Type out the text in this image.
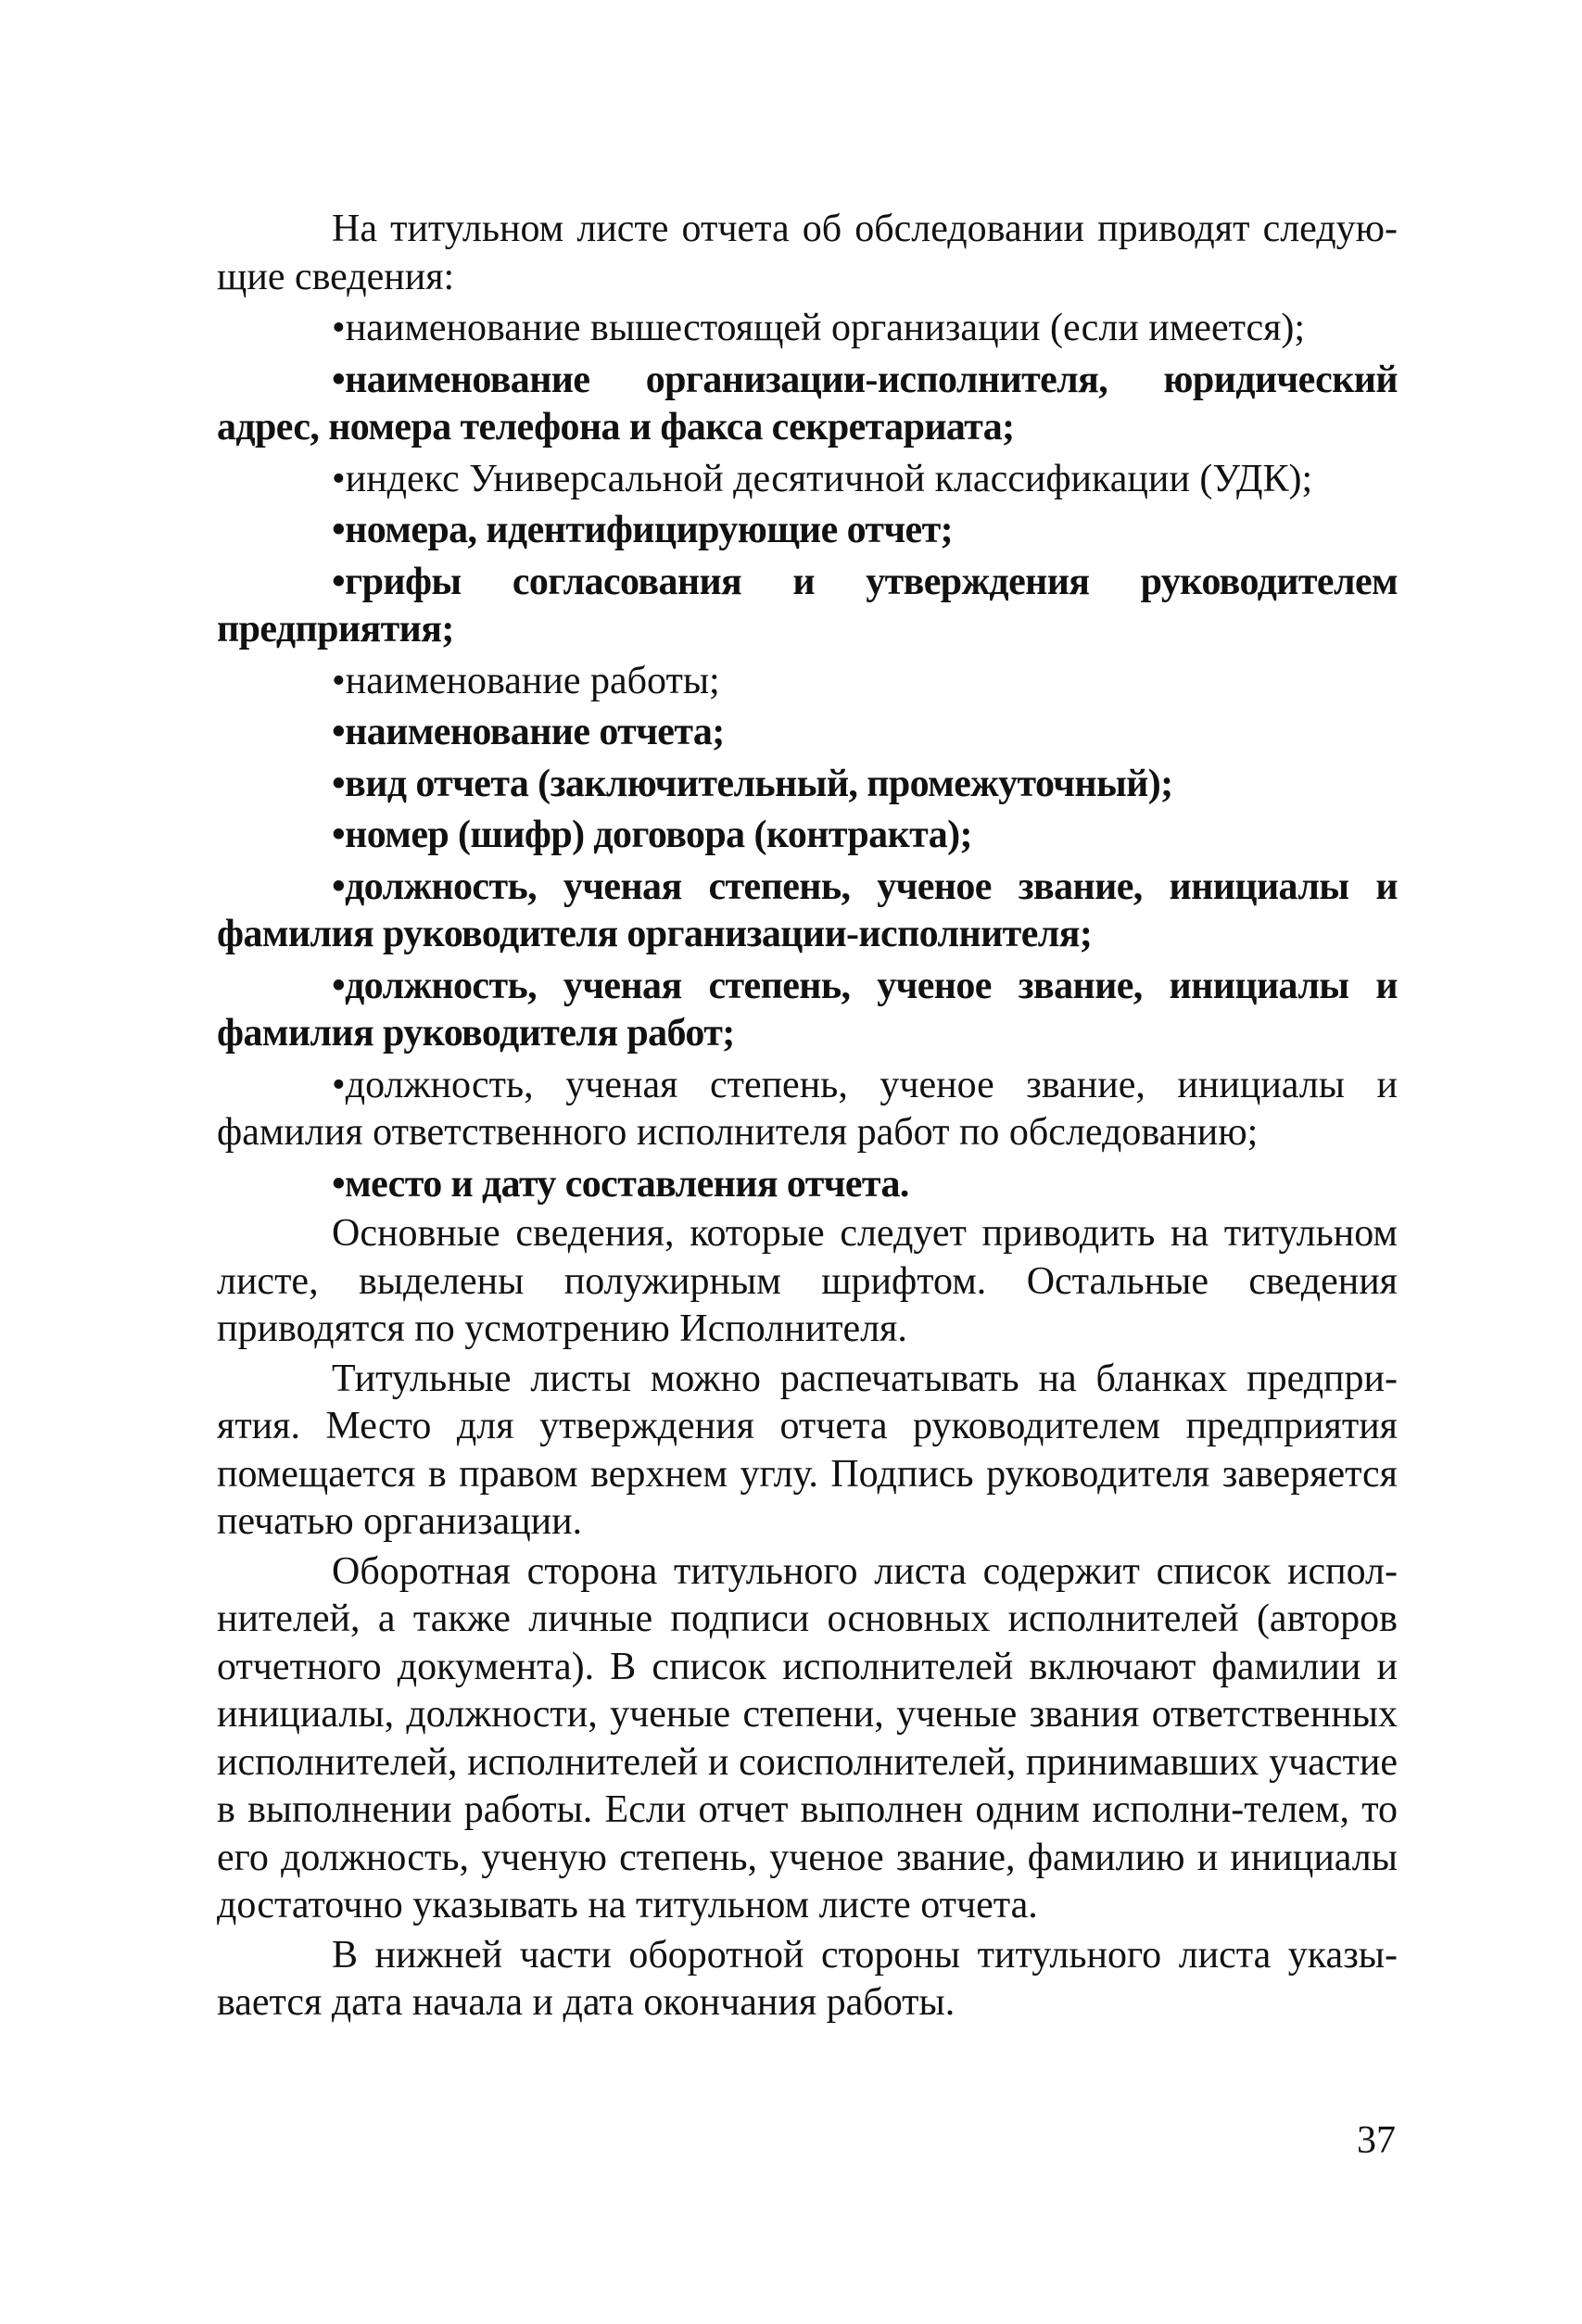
На титульном листе отчета об обследовании приводят следую-щие сведения:

•наименование вышестоящей организации (если имеется);

•наименование организации-исполнителя, юридический адрес, номера телефона и факса секретариата;

•индекс Универсальной десятичной классификации (УДК);

•номера, идентифицирующие отчет;

•грифы согласования и утверждения руководителем предприятия;

•наименование работы;

•наименование отчета;

•вид отчета (заключительный, промежуточный);

•номер (шифр) договора (контракта);

•должность, ученая степень, ученое звание, инициалы и фамилия руководителя организации-исполнителя;

•должность, ученая степень, ученое звание, инициалы и фамилия руководителя работ;

•должность, ученая степень, ученое звание, инициалы и фамилия ответственного исполнителя работ по обследованию;

•место и дату составления отчета.

Основные сведения, которые следует приводить на титульном листе, выделены полужирным шрифтом. Остальные сведения приводятся по усмотрению Исполнителя.

Титульные листы можно распечатывать на бланках предпри-ятия. Место для утверждения отчета руководителем предприятия помещается в правом верхнем углу. Подпись руководителя заверяется печатью организации.

Оборотная сторона титульного листа содержит список испол-нителей, а также личные подписи основных исполнителей (авторов отчетного документа). В список исполнителей включают фамилии и инициалы, должности, ученые степени, ученые звания ответственных исполнителей, исполнителей и соисполнителей, принимавших участие в выполнении работы. Если отчет выполнен одним исполни-телем, то его должность, ученую степень, ученое звание, фамилию и инициалы достаточно указывать на титульном листе отчета.

В нижней части оборотной стороны титульного листа указы-вается дата начала и дата окончания работы.

37
